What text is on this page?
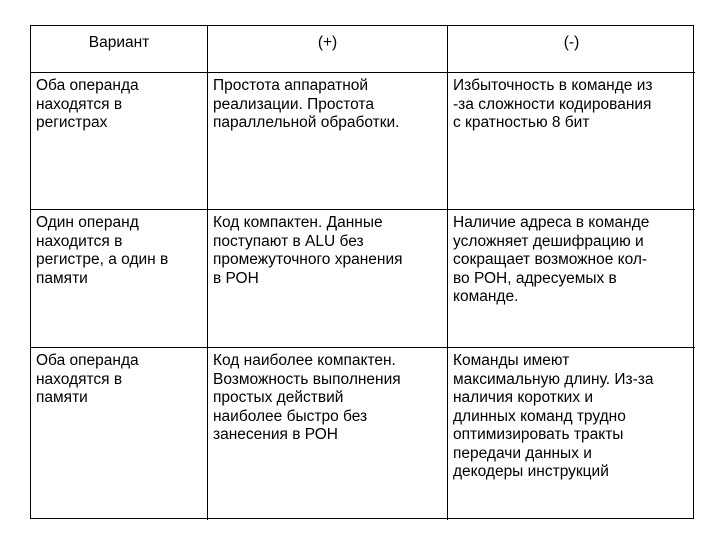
Вариант	(+)	(-)
Оба операнда
находятся в
регистрах
Простота аппаратной
реализации. Простота
параллельной обработки.
Избыточность в команде из
-за сложности кодирования
с кратностью 8 бит
Один операнд
находится в
регистре, а один в
памяти
Код компактен. Данные
поступают в ALU без
промежуточного хранения
в РОН
Наличие адреса в команде
усложняет дешифрацию и
сокращает возможное кол-
во РОН, адресуемых в
команде.
Оба операнда
находятся в
памяти
Код наиболее компактен.
Возможность выполнения
простых действий
наиболее быстро без
занесения в РОН
Команды имеют
максимальную длину. Из-за
наличия коротких и
длинных команд трудно
оптимизировать тракты
передачи данных и
декодеры инструкций
